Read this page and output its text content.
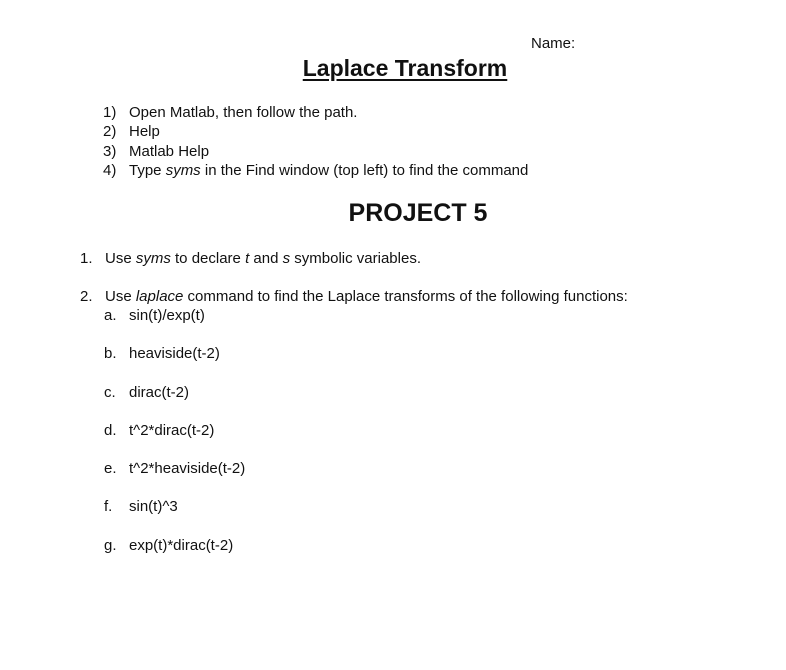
Name:
Laplace Transform
1) Open Matlab, then follow the path.
2) Help
3) Matlab Help
4) Type syms in the Find window (top left) to find the command
PROJECT 5
1. Use syms to declare t and s symbolic variables.
2. Use laplace command to find the Laplace transforms of the following functions:
a. sin(t)/exp(t)
b. heaviside(t-2)
c. dirac(t-2)
d. t^2*dirac(t-2)
e. t^2*heaviside(t-2)
f.	sin(t)^3
g. exp(t)*dirac(t-2)
